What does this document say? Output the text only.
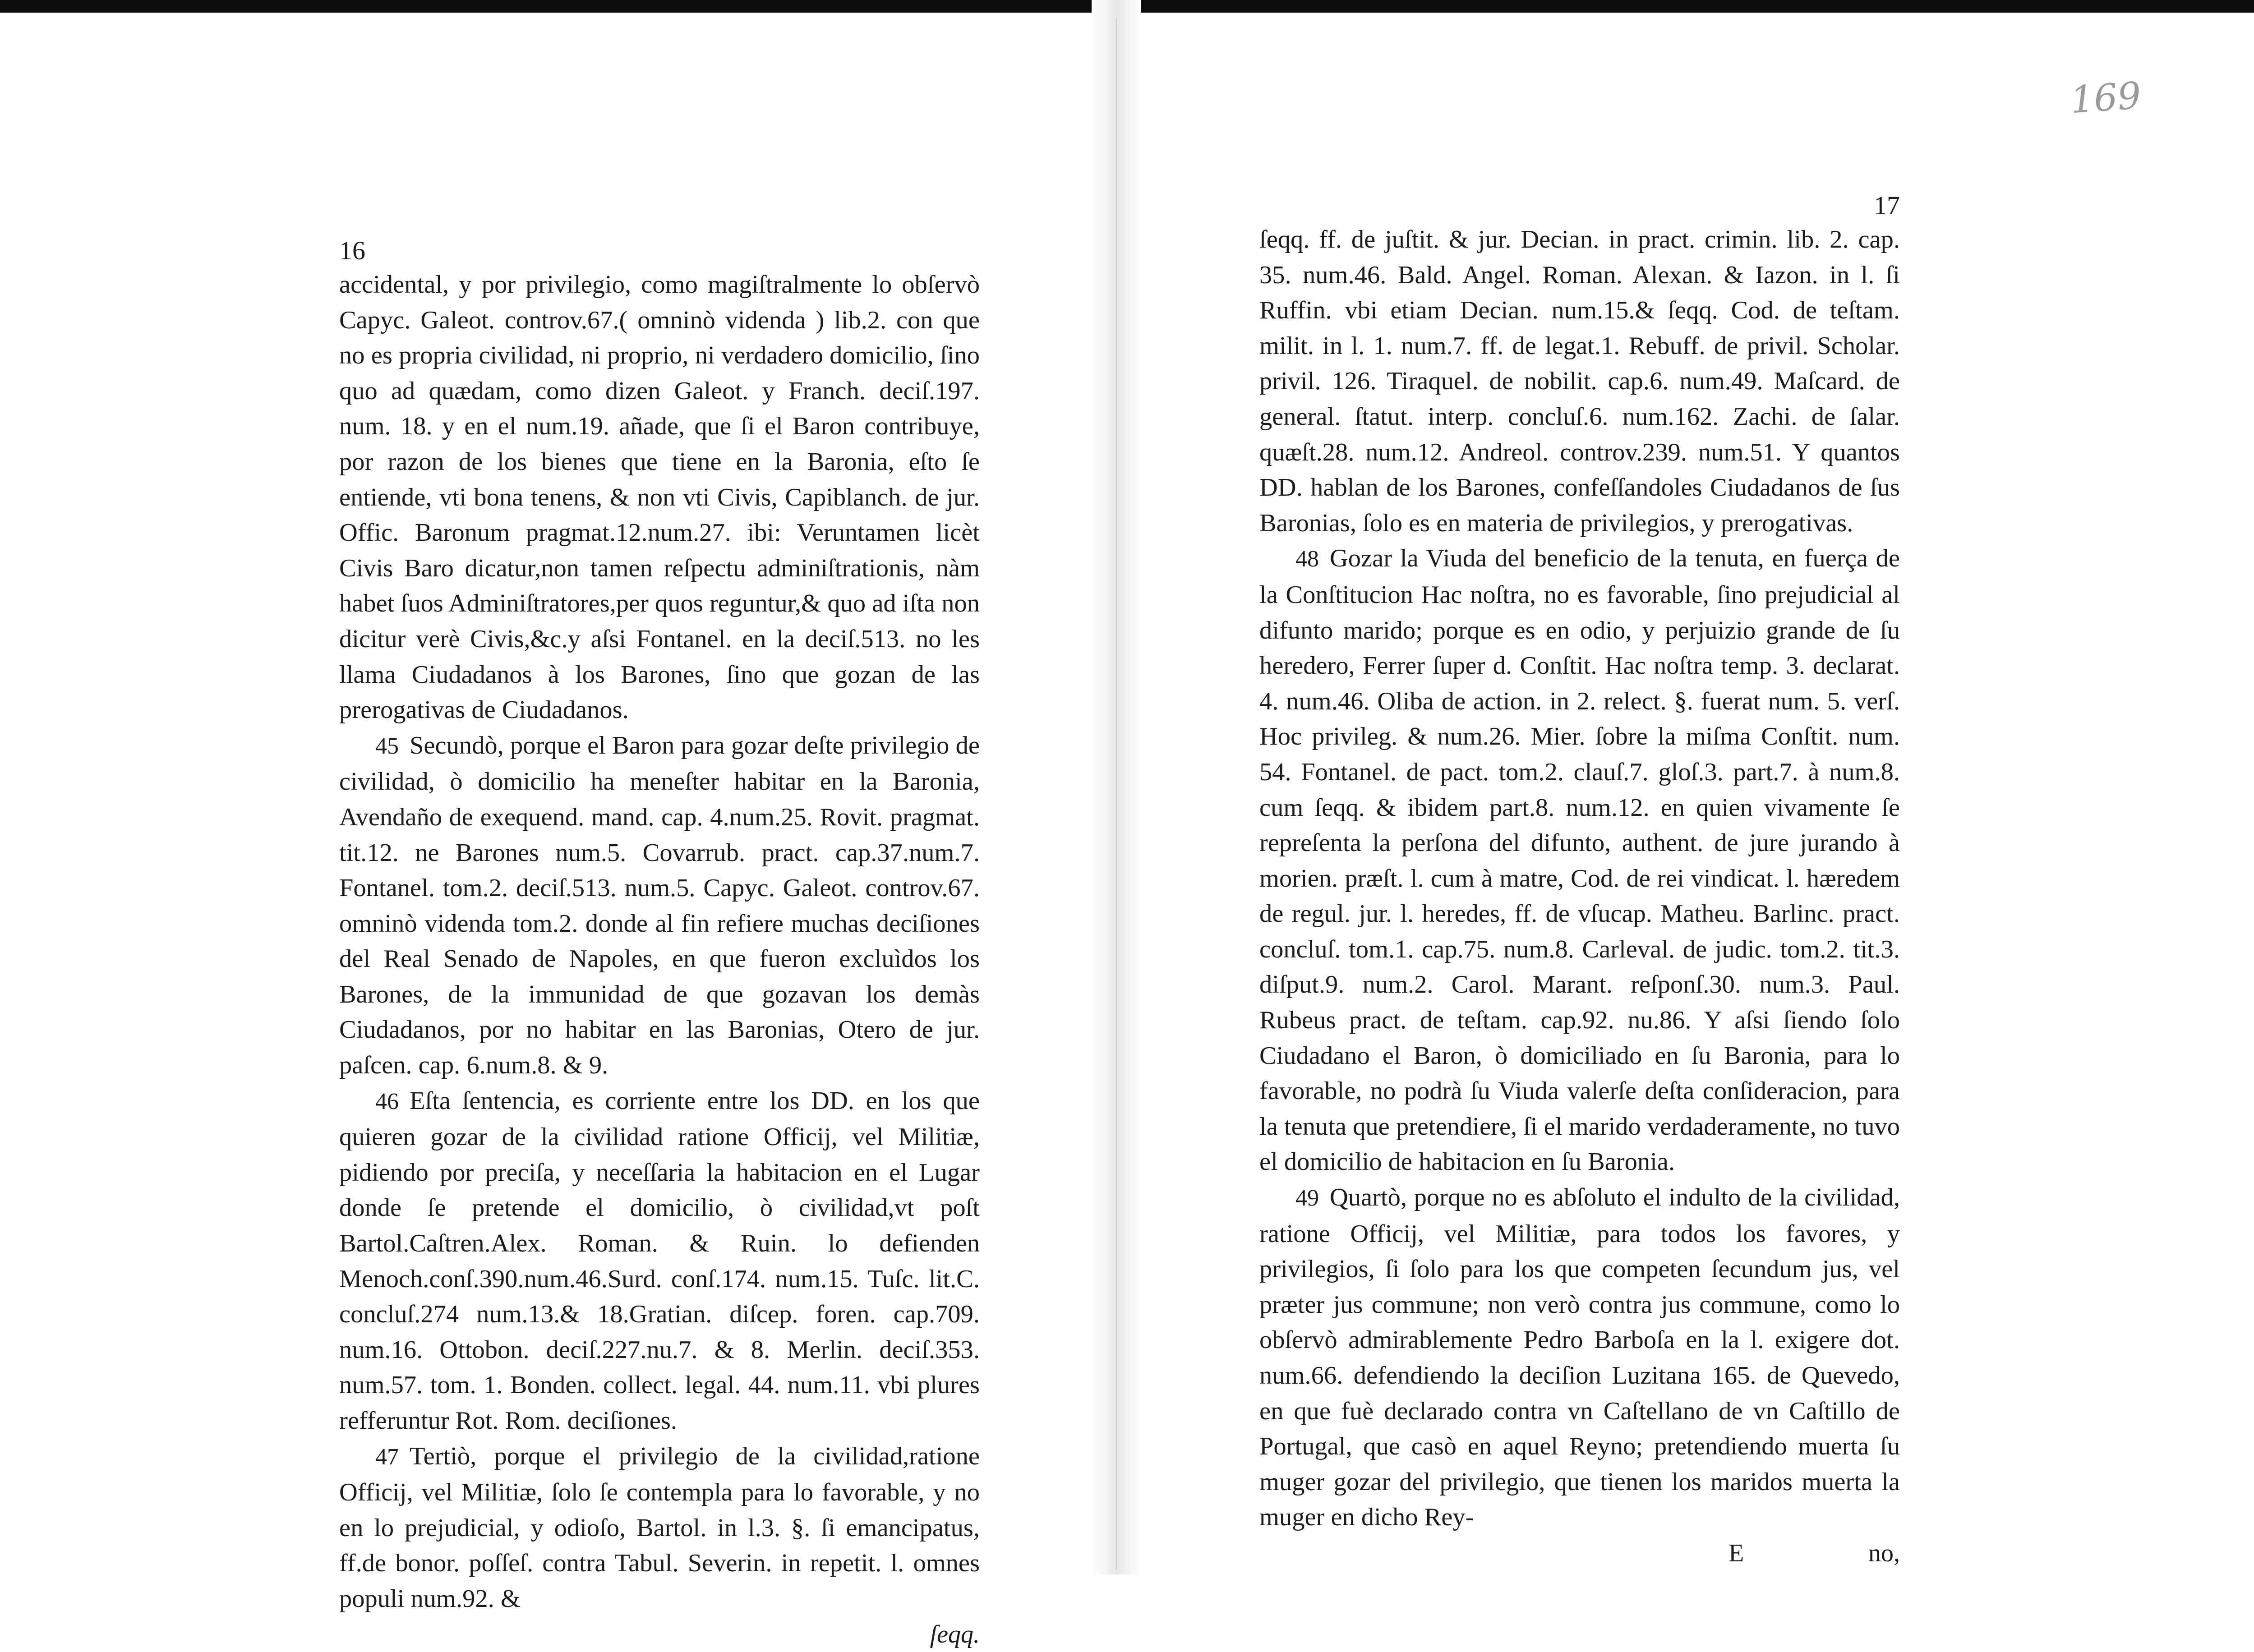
169
16

accidental, y por privilegio, como magiſtralmente lo obſervò Capyc. Galeot. controv.67.( omninò videnda ) lib.2. con que no es propria civilidad, ni proprio, ni verdadero domicilio, ſino quo ad quædam, como dizen Galeot. y Franch. deciſ.197. num. 18. y en el num.19. añade, que ſi el Baron contribuye, por razon de los bienes que tiene en la Baronia, eſto ſe entiende, vti bona tenens, & non vti Civis, Capiblanch. de jur. Offic. Baronum pragmat.12.num.27. ibi: Veruntamen licèt Civis Baro dicatur,non tamen reſpectu adminiſtrationis, nàm habet ſuos Adminiſtratores,per quos reguntur,& quo ad iſta non dicitur verè Civis,&c.y aſsi Fontanel. en la deciſ.513. no les llama Ciudadanos à los Barones, ſino que gozan de las prerogativas de Ciudadanos.

45 Secundò, porque el Baron para gozar deſte privilegio de civilidad, ò domicilio ha meneſter habitar en la Baronia, Avendaño de exequend. mand. cap. 4.num.25. Rovit. pragmat. tit.12. ne Barones num.5. Covarrub. pract. cap.37.num.7. Fontanel. tom.2. deciſ.513. num.5. Capyc. Galeot. controv.67. omninò videnda tom.2. donde al fin refiere muchas deciſiones del Real Senado de Napoles, en que fueron excluìdos los Barones, de la immunidad de que gozavan los demàs Ciudadanos, por no habitar en las Baronias, Otero de jur. paſcen. cap. 6.num.8. & 9.

46 Eſta ſentencia, es corriente entre los DD. en los que quieren gozar de la civilidad ratione Officij, vel Militiæ, pidiendo por preciſa, y neceſſaria la habitacion en el Lugar donde ſe pretende el domicilio, ò civilidad,vt poſt Bartol.Caſtren.Alex. Roman. & Ruin. lo defienden Menoch.conſ.390.num.46.Surd. conſ.174. num.15. Tuſc. lit.C. concluſ.274 num.13.& 18.Gratian. diſcep. foren. cap.709. num.16. Ottobon. deciſ.227.nu.7. & 8. Merlin. deciſ.353. num.57. tom. 1. Bonden. collect. legal. 44. num.11. vbi plures refferuntur Rot. Rom. deciſiones.

47 Tertiò, porque el privilegio de la civilidad,ratione Officij, vel Militiæ, ſolo ſe contempla para lo favorable, y no en lo prejudicial, y odioſo, Bartol. in l.3. §. ſi emancipatus, ff.de bonor. poſſeſ. contra Tabul. Severin. in repetit. l. omnes populi num.92. &

ſeqq.
17

ſeqq. ff. de juſtit. & jur. Decian. in pract. crimin. lib. 2. cap. 35. num.46. Bald. Angel. Roman. Alexan. & Iazon. in l. ſi Ruffin. vbi etiam Decian. num.15.& ſeqq. Cod. de teſtam. milit. in l. 1. num.7. ff. de legat.1. Rebuff. de privil. Scholar. privil. 126. Tiraquel. de nobilit. cap.6. num.49. Maſcard. de general. ſtatut. interp. concluſ.6. num.162. Zachi. de ſalar. quæſt.28. num.12. Andreol. controv.239. num.51. Y quantos DD. hablan de los Barones, confeſſandoles Ciudadanos de ſus Baronias, ſolo es en materia de privilegios, y prerogativas.

48 Gozar la Viuda del beneficio de la tenuta, en fuerça de la Conſtitucion Hac noſtra, no es favorable, ſino prejudicial al difunto marido; porque es en odio, y perjuizio grande de ſu heredero, Ferrer ſuper d. Conſtit. Hac noſtra temp. 3. declarat. 4. num.46. Oliba de action. in 2. relect. §. fuerat num. 5. verſ. Hoc privileg. & num.26. Mier. ſobre la miſma Conſtit. num. 54. Fontanel. de pact. tom.2. clauſ.7. gloſ.3. part.7. à num.8. cum ſeqq. & ibidem part.8. num.12. en quien vivamente ſe repreſenta la perſona del difunto, authent. de jure jurando à morien. præſt. l. cum à matre, Cod. de rei vindicat. l. hæredem de regul. jur. l. heredes, ff. de vſucap. Matheu. Barlinc. pract. concluſ. tom.1. cap.75. num.8. Carleval. de judic. tom.2. tit.3. diſput.9. num.2. Carol. Marant. reſponſ.30. num.3. Paul. Rubeus pract. de teſtam. cap.92. nu.86. Y aſsi ſiendo ſolo Ciudadano el Baron, ò domiciliado en ſu Baronia, para lo favorable, no podrà ſu Viuda valerſe deſta conſideracion, para la tenuta que pretendiere, ſi el marido verdaderamente, no tuvo el domicilio de habitacion en ſu Baronia.

49 Quartò, porque no es abſoluto el indulto de la civilidad, ratione Officij, vel Militiæ, para todos los favores, y privilegios, ſi ſolo para los que competen ſecundum jus, vel præter jus commune; non verò contra jus commune, como lo obſervò admirablemente Pedro Barboſa en la l. exigere dot. num.66. defendiendo la deciſion Luzitana 165. de Quevedo, en que fuè declarado contra vn Caſtellano de vn Caſtillo de Portugal, que casò en aquel Reyno; pretendiendo muerta ſu muger gozar del privilegio, que tienen los maridos muerta la muger en dicho Rey-

E	no,
